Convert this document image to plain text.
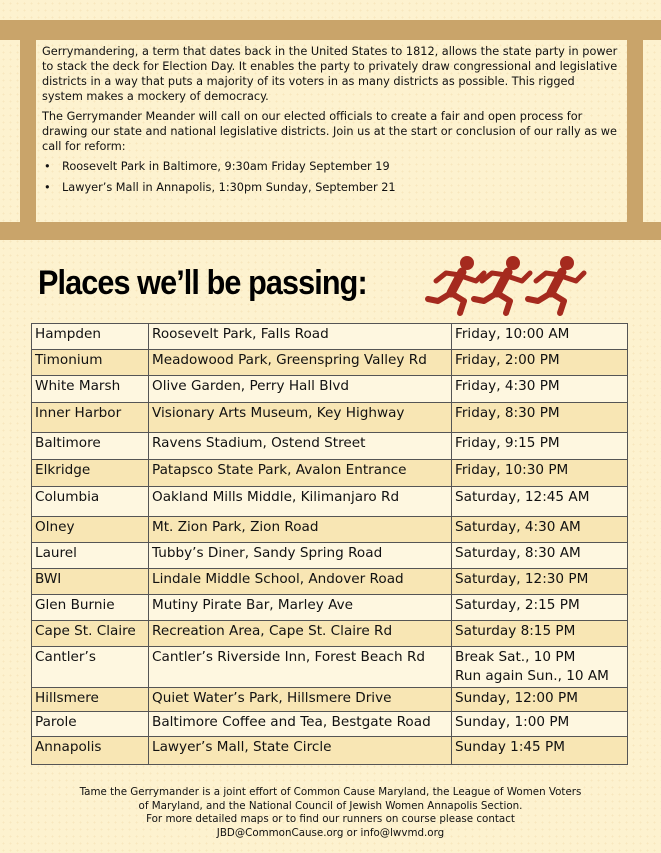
Gerrymandering, a term that dates back in the United States to 1812, allows the state party in power to stack the deck for Election Day. It enables the party to privately draw congressional and legislative districts in a way that puts a majority of its voters in as many districts as possible. This rigged system makes a mockery of democracy.

The Gerrymander Meander will call on our elected officials to create a fair and open process for drawing our state and national legislative districts. Join us at the start or conclusion of our rally as we call for reform:

• Roosevelt Park in Baltimore, 9:30am Friday September 19
• Lawyer’s Mall in Annapolis, 1:30pm Sunday, September 21
Places we’ll be passing:
Hampden	Roosevelt Park, Falls Road	Friday, 10:00 AM

Timonium	Meadowood Park, Greenspring Valley Rd	Friday, 2:00 PM

White Marsh	Olive Garden, Perry Hall Blvd	Friday, 4:30 PM

Inner Harbor	Visionary Arts Museum, Key Highway	Friday, 8:30 PM

Baltimore	Ravens Stadium, Ostend Street	Friday, 9:15 PM

Elkridge	Patapsco State Park, Avalon Entrance	Friday, 10:30 PM

Columbia	Oakland Mills Middle, Kilimanjaro Rd	Saturday, 12:45 AM

Olney	Mt. Zion Park, Zion Road	Saturday, 4:30 AM

Laurel	Tubby’s Diner, Sandy Spring Road	Saturday, 8:30 AM

BWI	Lindale Middle School, Andover Road	Saturday, 12:30 PM

Glen Burnie	Mutiny Pirate Bar, Marley Ave	Saturday, 2:15 PM

Cape St. Claire	Recreation Area, Cape St. Claire Rd	Saturday 8:15 PM

Cantler’s	Cantler’s Riverside Inn, Forest Beach Rd	Break Sat., 10 PM
Run again Sun., 10 AM

Hillsmere	Quiet Water’s Park, Hillsmere Drive	Sunday, 12:00 PM

Parole	Baltimore Coffee and Tea, Bestgate Road	Sunday, 1:00 PM

Annapolis	Lawyer’s Mall, State Circle	Sunday 1:45 PM
Tame the Gerrymander is a joint effort of Common Cause Maryland, the League of Women Voters
of Maryland, and the National Council of Jewish Women Annapolis Section.
For more detailed maps or to find our runners on course please contact
JBD@CommonCause.org or info@lwvmd.org
